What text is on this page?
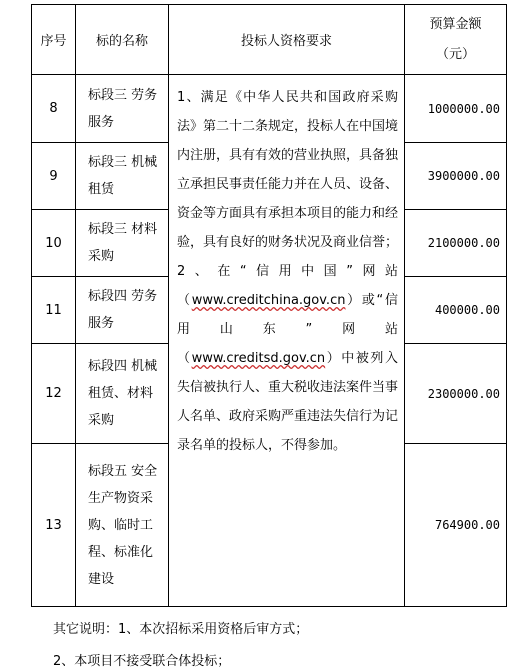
序号	标的名称	投标人资格要求	预算金额
（元）

8	标段三 劳务服务	1、满足《中华人民共和国政府采购法》第二十二条规定，投标人在中国境内注册，具有有效的营业执照，具备独立承担民事责任能力并在人员、设备、资金等方面具有承担本项目的能力和经验，具有良好的财务状况及商业信誉；

2、在“信用中国”网站（www.creditchina.gov.cn）或“信用山东”网站（www.creditsd.gov.cn）中被列入失信被执行人、重大税收违法案件当事人名单、政府采购严重违法失信行为记录名单的投标人，不得参加。	1000000.00
9	标段三 机械租赁		3900000.00
10	标段三 材料采购		2100000.00
11	标段四 劳务服务		400000.00
12	标段四 机械租赁、材料采购		2300000.00
13	标段五 安全生产物资采购、临时工程、标准化建设		764900.00
其它说明：1、本次招标采用资格后审方式；
2、本项目不接受联合体投标；
